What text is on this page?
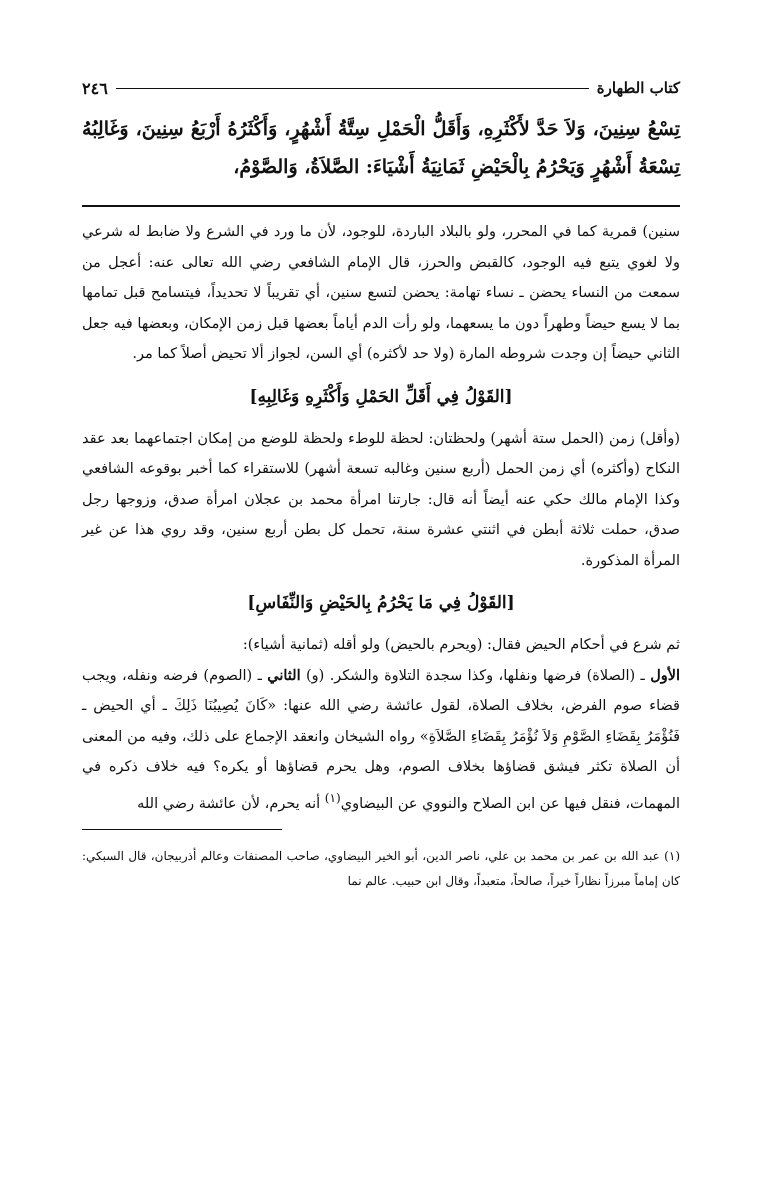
كتاب الطهارة
٢٤٦

تِسْعُ سِنِينَ، وَلاَ حَدَّ لأَكْثَرِهِ، وَأَقَلُّ الْحَمْلِ سِتَّةُ أَشْهُرٍ، وَأَكْثَرُهُ أَرْبَعُ سِنِينَ، وَغَالِبُهُ تِسْعَةُ أَشْهُرٍ وَيَحْرُمُ بِالْحَيْضِ ثَمَانِيَةُ أَشْيَاءَ: الصَّلاَةُ، وَالصَّوْمُ،

سنين) قمرية كما في المحرر، ولو بالبلاد الباردة، للوجود، لأن ما ورد في الشرع ولا ضابط له شرعي ولا لغوي يتبع فيه الوجود، كالقبض والحرز، قال الإمام الشافعي رضي الله تعالى عنه: أعجل من سمعت من النساء يحضن ـ نساء تهامة: يحضن لتسع سنين، أي تقريباً لا تحديداً، فيتسامح قبل تمامها بما لا يسع حيضاً وطهراً دون ما يسعهما، ولو رأت الدم أياماً بعضها قبل زمن الإمكان، وبعضها فيه جعل الثاني حيضاً إن وجدت شروطه المارة (ولا حد لأكثره) أي السن، لجواز ألا تحيض أصلاً كما مر.

[القَوْلُ فِي أَقَلِّ الحَمْلِ وَأَكْثَرِهِ وَغَالِبِهِ]

(وأقل) زمن (الحمل ستة أشهر) ولحظتان: لحظة للوطء ولحظة للوضع من إمكان اجتماعهما بعد عقد النكاح (وأكثره) أي زمن الحمل (أربع سنين وغالبه تسعة أشهر) للاستقراء كما أخبر بوقوعه الشافعي وكذا الإمام مالك حكي عنه أيضاً أنه قال: جارتنا امرأة محمد بن عجلان امرأة صدق، وزوجها رجل صدق، حملت ثلاثة أبطن في اثنتي عشرة سنة، تحمل كل بطن أربع سنين، وقد روي هذا عن غير المرأة المذكورة.

[القَوْلُ فِي مَا يَحْرُمُ بِالحَيْضِ وَالنِّفَاسِ]

ثم شرع في أحكام الحيض فقال: (ويحرم بالحيض) ولو أقله (ثمانية أشياء):
الأول ـ (الصلاة) فرضها ونفلها، وكذا سجدة التلاوة والشكر. (و) الثاني ـ (الصوم) فرضه ونفله، ويجب قضاء صوم الفرض، بخلاف الصلاة، لقول عائشة رضي الله عنها: «كَانَ يُصِيبُنَا ذَلِكَ ـ أي الحيض ـ فَنُؤْمَرُ بِقَضَاءِ الصَّوْمِ وَلاَ نُؤْمَرُ بِقَضَاءِ الصَّلاَةِ» رواه الشيخان وانعقد الإجماع على ذلك، وفيه من المعنى أن الصلاة تكثر فيشق قضاؤها بخلاف الصوم، وهل يحرم قضاؤها أو يكره؟ فيه خلاف ذكره في المهمات، فنقل فيها عن ابن الصلاح والنووي عن البيضاوي$^{(١)}$ أنه يحرم، لأن عائشة رضي الله

(١) عبد الله بن عمر بن محمد بن علي، ناصر الدين، أبو الخير البيضاوي، صاحب المصنفات وعالم أذربيجان، قال السبكي: كان إماماً مبرزاً نظاراً خيراً، صالحاً، متعبداً، وقال ابن حبيب. عالم نما
